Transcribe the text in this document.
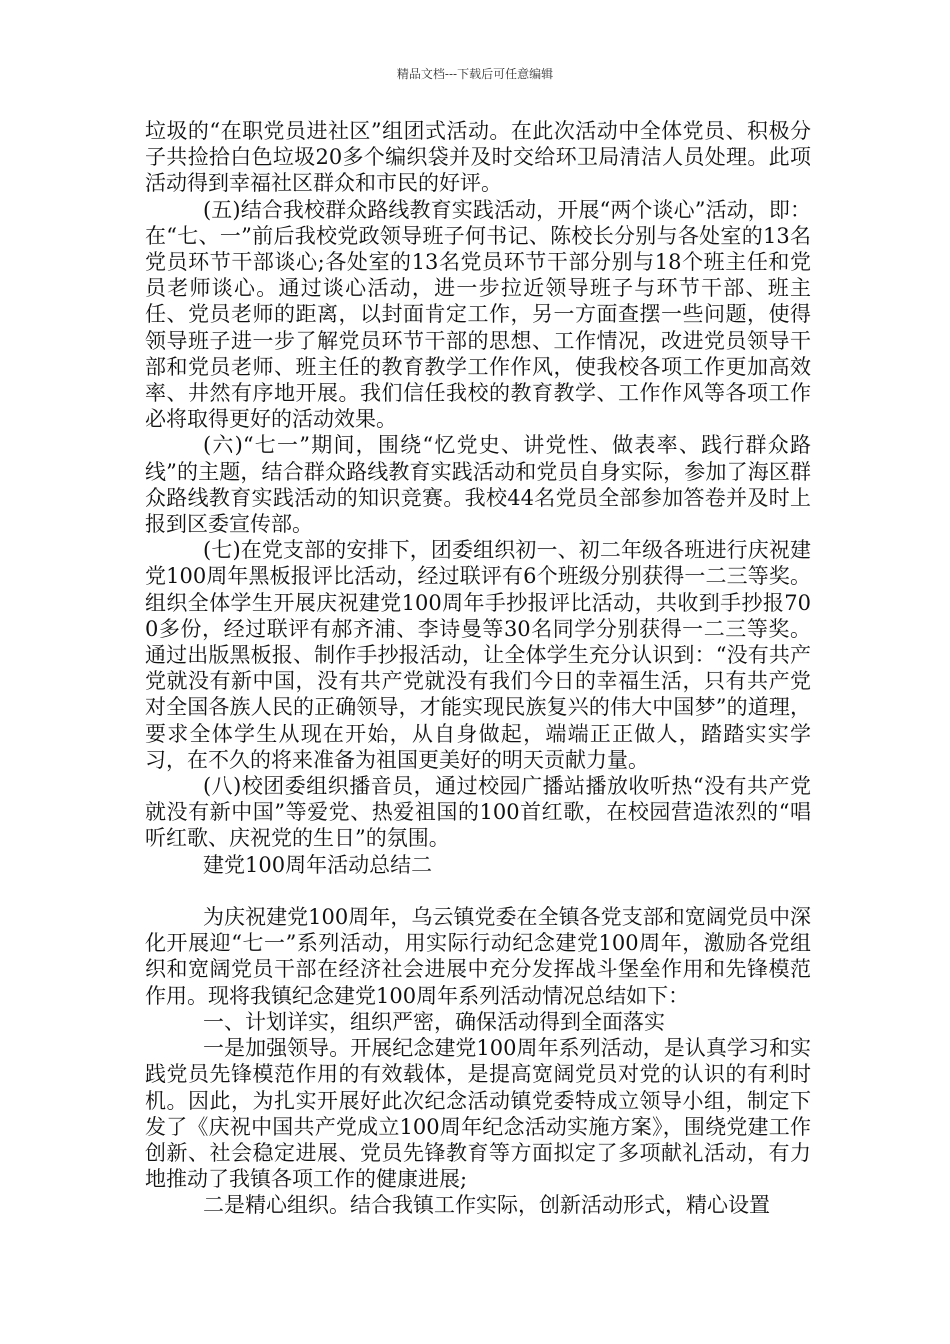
精品文档---下载后可任意编辑

垃圾的“在职党员进社区”组团式活动。在此次活动中全体党员、积极分子共捡拾白色垃圾20多个编织袋并及时交给环卫局清洁人员处理。此项活动得到幸福社区群众和市民的好评。

(五)结合我校群众路线教育实践活动，开展“两个谈心”活动，即：在“七、一”前后我校党政领导班子何书记、陈校长分别与各处室的13名党员环节干部谈心;各处室的13名党员环节干部分别与18个班主任和党员老师谈心。通过谈心活动，进一步拉近领导班子与环节干部、班主任、党员老师的距离，以封面肯定工作，另一方面查摆一些问题，使得领导班子进一步了解党员环节干部的思想、工作情况，改进党员领导干部和党员老师、班主任的教育教学工作作风，使我校各项工作更加高效率、井然有序地开展。我们信任我校的教育教学、工作作风等各项工作必将取得更好的活动效果。

(六)“七一”期间，围绕“忆党史、讲党性、做表率、践行群众路线”的主题，结合群众路线教育实践活动和党员自身实际，参加了海区群众路线教育实践活动的知识竞赛。我校44名党员全部参加答卷并及时上报到区委宣传部。

(七)在党支部的安排下，团委组织初一、初二年级各班进行庆祝建党100周年黑板报评比活动，经过联评有6个班级分别获得一二三等奖。组织全体学生开展庆祝建党100周年手抄报评比活动，共收到手抄报700多份，经过联评有郝齐浦、李诗曼等30名同学分别获得一二三等奖。通过出版黑板报、制作手抄报活动，让全体学生充分认识到：“没有共产党就没有新中国，没有共产党就没有我们今日的幸福生活，只有共产党对全国各族人民的正确领导，才能实现民族复兴的伟大中国梦”的道理，要求全体学生从现在开始，从自身做起，端端正正做人，踏踏实实学习，在不久的将来准备为祖国更美好的明天贡献力量。

(八)校团委组织播音员，通过校园广播站播放收听热“没有共产党就没有新中国”等爱党、热爱祖国的100首红歌，在校园营造浓烈的“唱听红歌、庆祝党的生日”的氛围。

建党100周年活动总结二

为庆祝建党100周年，乌云镇党委在全镇各党支部和宽阔党员中深化开展迎“七一”系列活动，用实际行动纪念建党100周年，激励各党组织和宽阔党员干部在经济社会进展中充分发挥战斗堡垒作用和先锋模范作用。现将我镇纪念建党100周年系列活动情况总结如下：

一、计划详实，组织严密，确保活动得到全面落实

一是加强领导。开展纪念建党100周年系列活动，是认真学习和实践党员先锋模范作用的有效载体，是提高宽阔党员对党的认识的有利时机。因此，为扎实开展好此次纪念活动镇党委特成立领导小组，制定下发了《庆祝中国共产党成立100周年纪念活动实施方案》，围绕党建工作创新、社会稳定进展、党员先锋教育等方面拟定了多项献礼活动，有力地推动了我镇各项工作的健康进展;

二是精心组织。结合我镇工作实际，创新活动形式，精心设置
